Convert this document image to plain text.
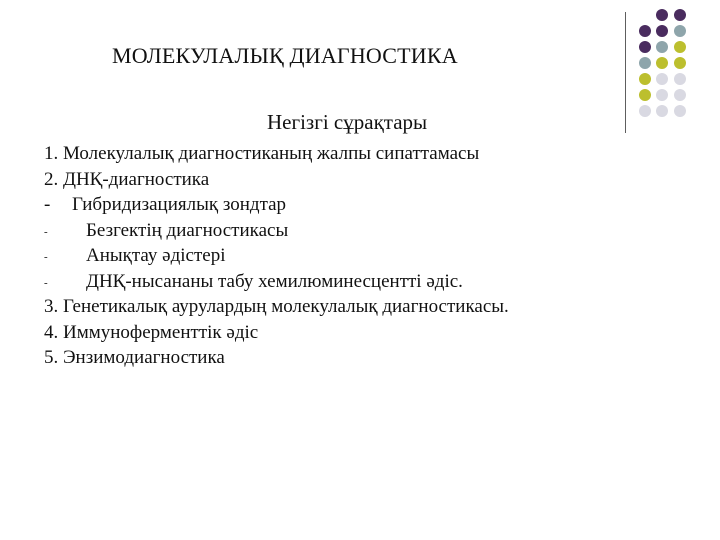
МОЛЕКУЛАЛЫҚ ДИАГНОСТИКА
Негізгі сұрақтары
1. Молекулалық диагностиканың жалпы сипаттамасы
2. ДНҚ-диагностика
- Гибридизациялық зондтар
- Безгектің диагностикасы
- Анықтау әдістері
- ДНҚ-нысананы табу хемилюминесцентті әдіс.
3. Генетикалық аурулардың молекулалық диагностикасы.
4. Иммуноферменттік әдіс
5. Энзимодиагностика
